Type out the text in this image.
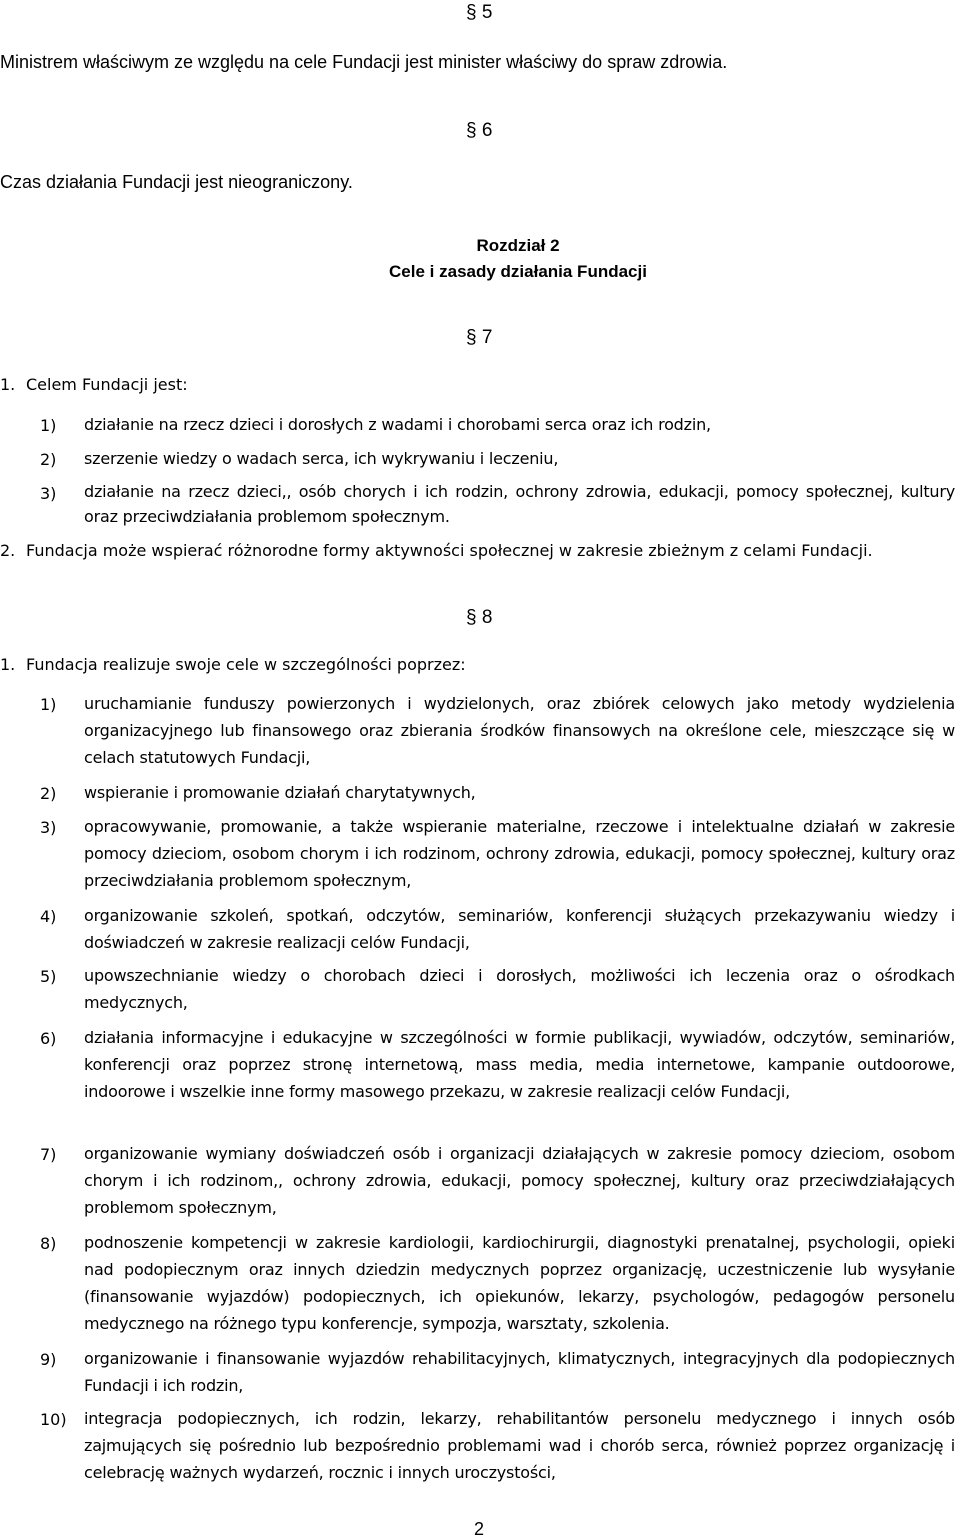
§ 5
Ministrem właściwym ze względu na cele Fundacji jest minister właściwy do spraw zdrowia.
§ 6
Czas działania Fundacji jest nieograniczony.
Rozdział 2
Cele i zasady działania Fundacji
§ 7
1. Celem Fundacji jest:
1) działanie na rzecz dzieci i dorosłych z wadami i chorobami serca oraz ich rodzin,
2) szerzenie wiedzy o wadach serca, ich wykrywaniu i leczeniu,
3) działanie na rzecz dzieci,, osób chorych i ich rodzin, ochrony zdrowia, edukacji, pomocy społecznej, kultury oraz przeciwdziałania problemom społecznym.
2. Fundacja może wspierać różnorodne formy aktywności społecznej w zakresie zbieżnym z celami Fundacji.
§ 8
1. Fundacja realizuje swoje cele w szczególności poprzez:
1) uruchamianie funduszy powierzonych i wydzielonych, oraz zbiórek celowych jako metody wydzielenia organizacyjnego lub finansowego oraz zbierania środków finansowych na określone cele, mieszczące się w celach statutowych Fundacji,
2) wspieranie i promowanie działań charytatywnych,
3) opracowywanie, promowanie, a także wspieranie materialne, rzeczowe i intelektualne działań w zakresie pomocy dzieciom, osobom chorym i ich rodzinom, ochrony zdrowia, edukacji, pomocy społecznej, kultury oraz przeciwdziałania problemom społecznym,
4) organizowanie szkoleń, spotkań, odczytów, seminariów, konferencji służących przekazywaniu wiedzy i doświadczeń w zakresie realizacji celów Fundacji,
5) upowszechnianie wiedzy o chorobach dzieci i dorosłych, możliwości ich leczenia oraz o ośrodkach medycznych,
6) działania informacyjne i edukacyjne w szczególności w formie publikacji, wywiadów, odczytów, seminariów, konferencji oraz poprzez stronę internetową, mass media, media internetowe, kampanie outdoorowe, indoorowe i wszelkie inne formy masowego przekazu, w zakresie realizacji celów Fundacji,
7) organizowanie wymiany doświadczeń osób i organizacji działających w zakresie pomocy dzieciom, osobom chorym i ich rodzinom,, ochrony zdrowia, edukacji, pomocy społecznej, kultury oraz przeciwdziałających problemom społecznym,
8) podnoszenie kompetencji w zakresie kardiologii, kardiochirurgii, diagnostyki prenatalnej, psychologii, opieki nad podopiecznym oraz innych dziedzin medycznych poprzez organizację, uczestniczenie lub wysyłanie (finansowanie wyjazdów) podopiecznych, ich opiekunów, lekarzy, psychologów, pedagogów personelu medycznego na różnego typu konferencje, sympozja, warsztaty, szkolenia.
9) organizowanie i finansowanie wyjazdów rehabilitacyjnych, klimatycznych, integracyjnych dla podopiecznych Fundacji i ich rodzin,
10) integracja podopiecznych, ich rodzin, lekarzy, rehabilitantów personelu medycznego i innych osób zajmujących się pośrednio lub bezpośrednio problemami wad i chorób serca, również poprzez organizację i celebrację ważnych wydarzeń, rocznic i innych uroczystości,
2
